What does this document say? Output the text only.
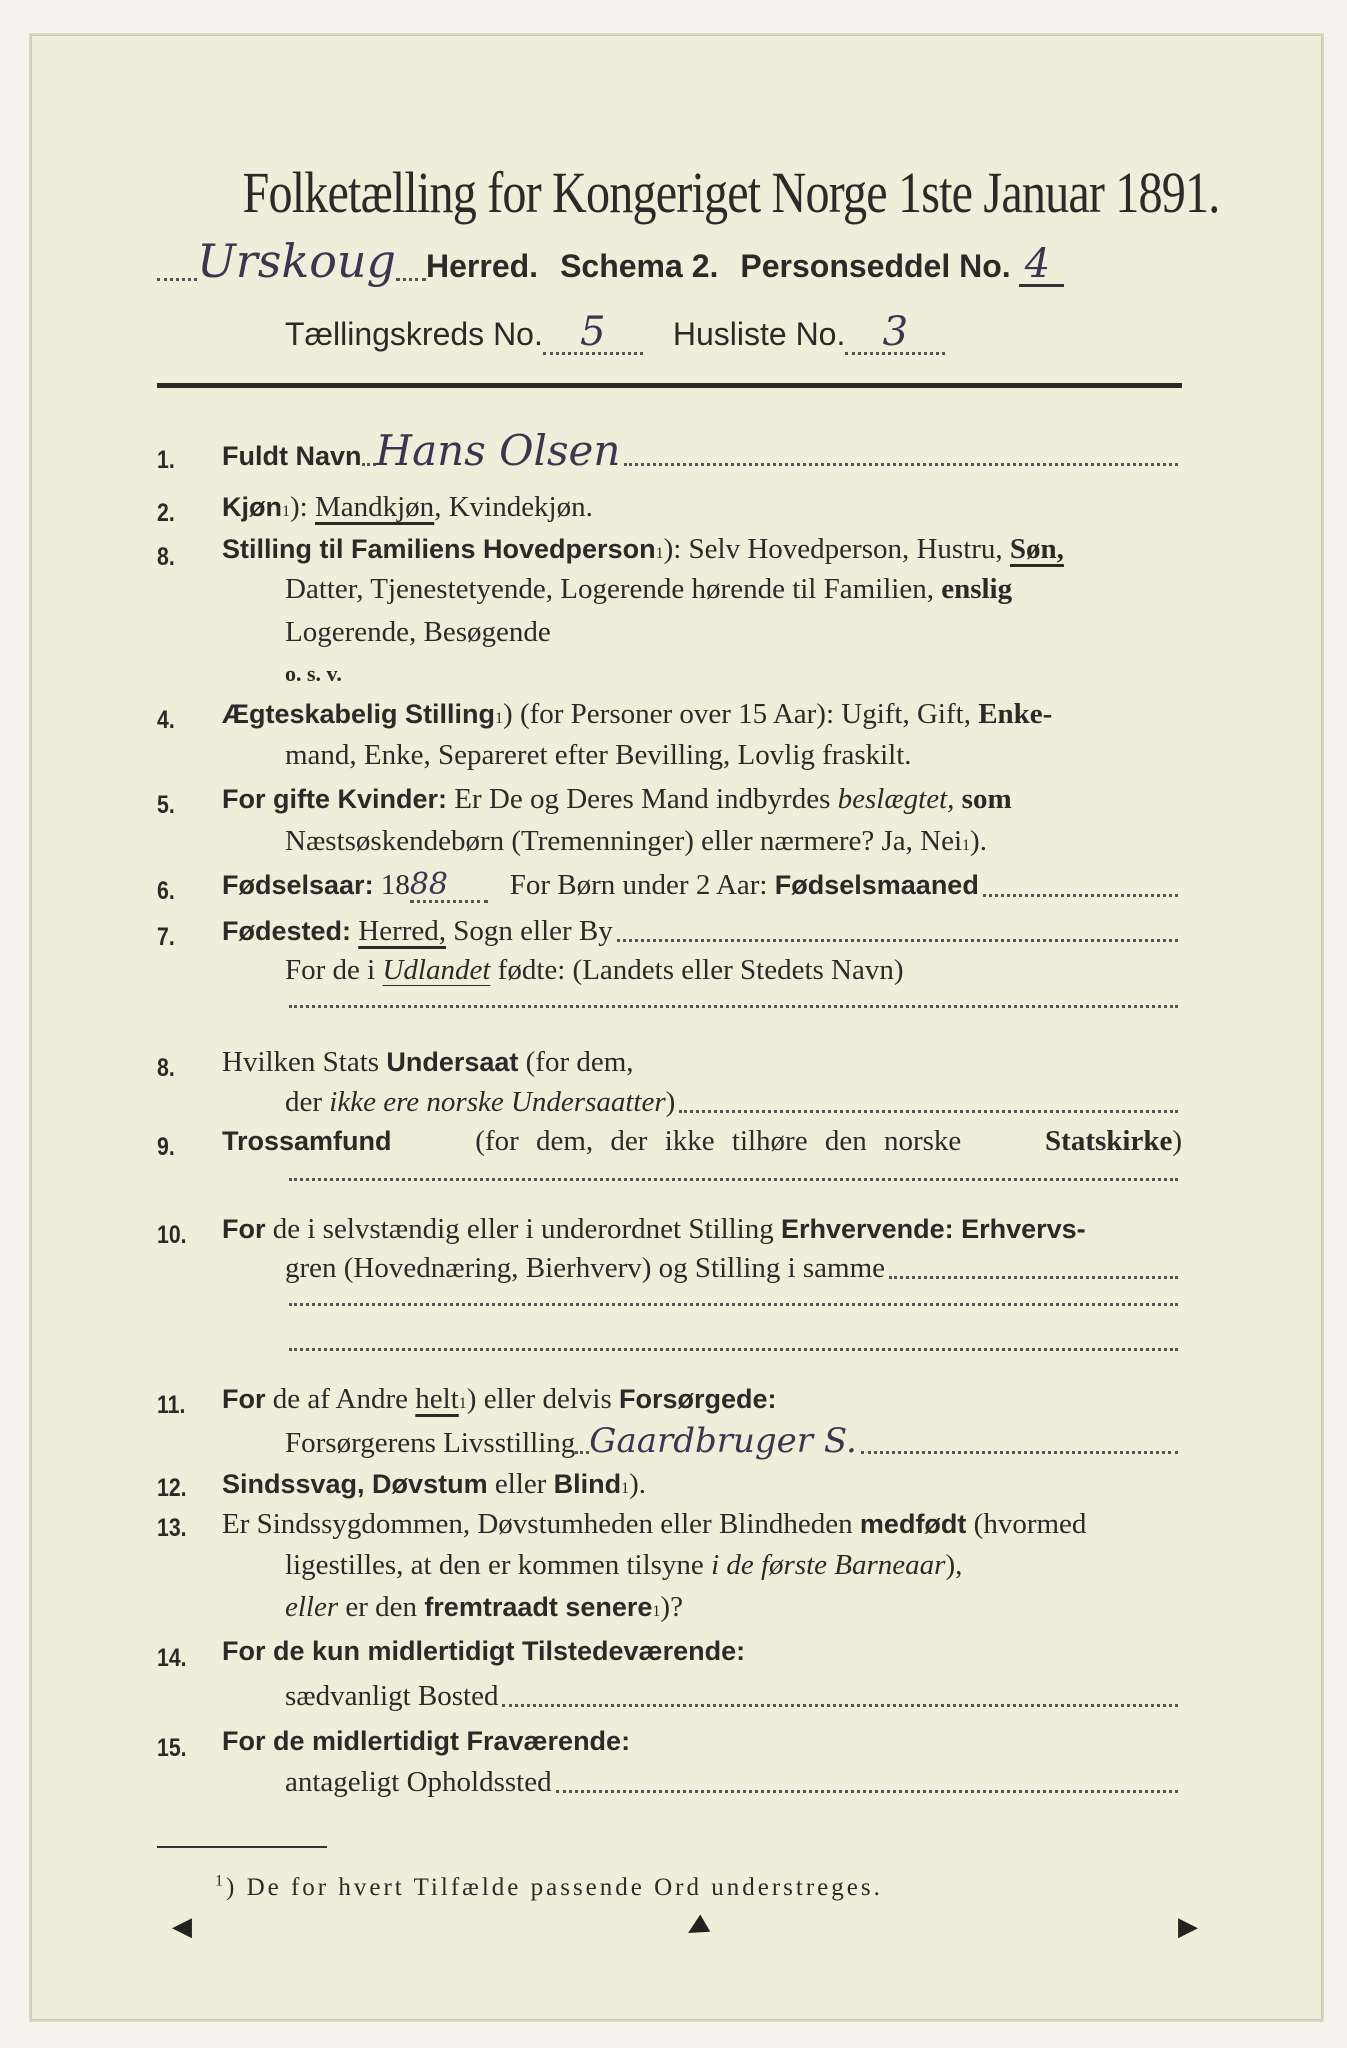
Folketælling for Kongeriget Norge 1ste Januar 1891.
Urskoug Herred. Schema 2. Personseddel No. 4
Tællingskreds No. 5	Husliste No. 3
1.	Fuldt Navn Hans Olsen
2.	Kjøn 1 ): Mandkjøn , Kvindekjøn.
8.	Stilling til Familiens Hovedperson 1 ): Selv Hovedperson, Hustru,
Søn,
Datter, Tjenestetyende, Logerende hørende til Familien,
enslig
Logerende, Besøgende
o. s. v.
4.	Ægteskabelig Stilling 1 ) (for Personer over 15 Aar): Ugift, Gift,
Enke-
mand, Enke, Separeret efter Bevilling, Lovlig fraskilt.
5.	For gifte Kvinder:
Er De og Deres Mand indbyrdes
beslægtet,
som
Næstsøskendebørn (Tremenninger) eller nærmere? Ja, Nei 1 ).
6.	Fødselsaar:
18 88
	For Børn under 2 Aar:
Fødselsmaaned
7.	Fødested:
Herred,
Sogn eller By
For de i
Udlandet
fødte: (Landets eller Stedets Navn)
8.	Hvilken Stats
Undersaat
(for dem,
der
ikke ere norske Undersaatter )
9.	Trossamfund	(for dem, der ikke tilhøre den norske	Statskirke)
10.	For
de i selvstændig eller i underordnet Stilling
Erhvervende: Erhvervs-
gren (Hovednæring, Bierhverv) og Stilling i samme
11.	For
de af Andre
helt 1 ) eller delvis
Forsørgede:
Forsørgerens Livsstilling Gaardbruger S.
12.	Sindssvag, Døvstum
eller
Blind 1 ).
13.	Er Sindssygdommen, Døvstumheden eller Blindheden
medfødt
(hvormed
ligestilles, at den er kommen tilsyne
i de første Barneaar ),
eller
er den
fremtraadt senere 1 )?
14.	For de kun midlertidigt Tilstedeværende:
sædvanligt Bosted
15.	For de midlertidigt Fraværende:
antageligt Opholdssted
$^1$) De for hvert Tilfælde passende Ord understreges.
◀	◀	▶
